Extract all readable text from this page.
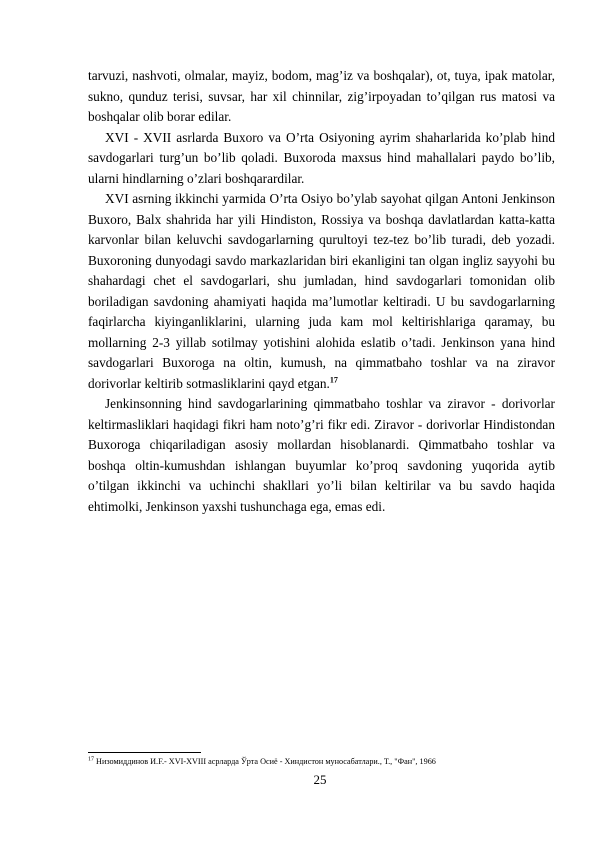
tarvuzi, nashvoti, olmalar, mayiz, bodom, mag’iz va boshqalar), ot, tuya, ipak matolar, sukno, qunduz terisi, suvsar, har xil chinnilar, zig’irpoyadan to’qilgan rus matosi va boshqalar olib borar edilar.

XVI - XVII asrlarda Buxoro va O’rta Osiyoning ayrim shaharlarida ko’plab hind savdogarlari turg’un bo’lib qoladi. Buxoroda maxsus hind mahallalari paydo bo’lib, ularni hindlarning o’zlari boshqarardilar.

XVI asrning ikkinchi yarmida O’rta Osiyo bo’ylab sayohat qilgan Antoni Jenkinson Buxoro, Balx shahrida har yili Hindiston, Rossiya va boshqa davlatlardan katta-katta karvonlar bilan keluvchi savdogarlarning qurultoyi tez-tez bo’lib turadi, deb yozadi. Buxoroning dunyodagi savdo markazlaridan biri ekanligini tan olgan ingliz sayyohi bu shahardagi chet el savdogarlari, shu jumladan, hind savdogarlari tomonidan olib boriladigan savdoning ahamiyati haqida ma’lumotlar keltiradi. U bu savdogarlarning faqirlarcha kiyinganliklarini, ularning juda kam mol keltirishlariga qaramay, bu mollarning 2-3 yillab sotilmay yotishini alohida eslatib o’tadi. Jenkinson yana hind savdogarlari Buxoroga na oltin, kumush, na qimmatbaho toshlar va na ziravor dorivorlar keltirib sotmasliklarini qayd etgan.$^{17}$

Jenkinsonning hind savdogarlarining qimmatbaho toshlar va ziravor - dorivorlar keltirmasliklari haqidagi fikri ham noto’g’ri fikr edi. Ziravor - dorivorlar Hindistondan Buxoroga chiqariladigan asosiy mollardan hisoblanardi. Qimmatbaho toshlar va boshqa oltin-kumushdan ishlangan buyumlar ko’proq savdoning yuqorida aytib o’tilgan ikkinchi va uchinchi shakllari yo’li bilan keltirilar va bu savdo haqida ehtimolki, Jenkinson yaxshi tushunchaga ega, emas edi.

$^{17}$ Низомиддинов И.F.- XVI-XVIII асрларда Ўрта Осиё - Хиндистон муносабатлари., Т., "Фан", 1966
25
